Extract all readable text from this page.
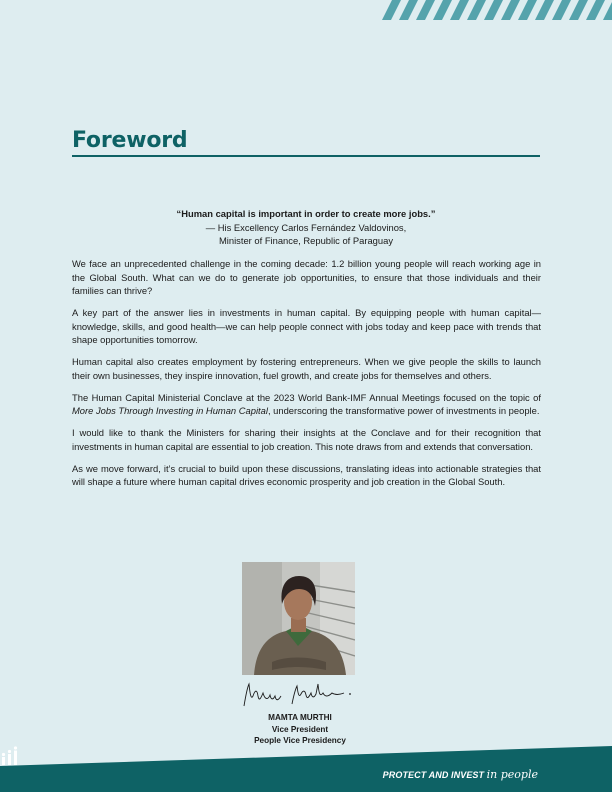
Foreword
“Human capital is important in order to create more jobs.”
— His Excellency Carlos Fernández Valdovinos,
Minister of Finance, Republic of Paraguay

We face an unprecedented challenge in the coming decade: 1.2 billion young people will reach working age in the Global South. What can we do to generate job opportunities, to ensure that those individuals and their families can thrive?

A key part of the answer lies in investments in human capital. By equipping people with human capital—knowledge, skills, and good health—we can help people connect with jobs today and keep pace with trends that shape opportunities tomorrow.

Human capital also creates employment by fostering entrepreneurs. When we give people the skills to launch their own businesses, they inspire innovation, fuel growth, and create jobs for themselves and others.

The Human Capital Ministerial Conclave at the 2023 World Bank-IMF Annual Meetings focused on the topic of More Jobs Through Investing in Human Capital, underscoring the transformative power of investments in people.

I would like to thank the Ministers for sharing their insights at the Conclave and for their recognition that investments in human capital are essential to job creation. This note draws from and extends that conversation.

As we move forward, it’s crucial to build upon these discussions, translating ideas into actionable strategies that will shape a future where human capital drives economic prosperity and job creation in the Global South.

MAMTA MURTHI
Vice President
People Vice Presidency
PROTECT AND INVEST in people
